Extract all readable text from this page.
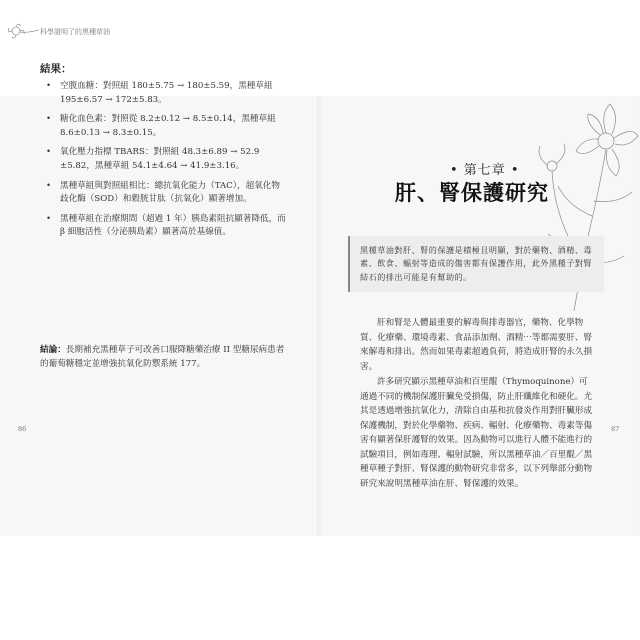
科學證明了的黑種草油
結果：
• 空腹血糖：對照組 180±5.75 → 180±5.59，黑種草組 195±6.57 → 172±5.83。
• 糖化血色素：對照從 8.2±0.12 → 8.5±0.14，黑種草組 8.6±0.13 → 8.3±0.15。
• 氧化壓力指標 TBARS：對照組 48.3±6.89 → 52.9 ±5.82，黑種草組 54.1±4.64 → 41.9±3.16。
• 黑種草組與對照組相比：總抗氧化能力（TAC），超氧化物歧化酶（SOD）和穀胱甘肽（抗氧化）顯著增加。
• 黑種草組在治療期間（超過 1 年）胰島素阻抗顯著降低，而 β 細胞活性（分泌胰島素）顯著高於基線值。
結論：長期補充黑種草子可改善口服降糖藥治療 II 型糖尿病患者的葡萄糖穩定並增強抗氧化防禦系統 177。
86
• 第七章 •
肝、腎保護研究
黑種草油對肝、腎的保護是積極且明顯，對於藥物、酒精、毒素、飲食、輻射等造成的傷害都有保護作用，此外黑種子對腎結石的排出可能是有幫助的。

肝和腎是人體最重要的解毒與排毒器官，藥物、化學物質、化療藥、環境毒素、食品添加劑、酒精⋯等都需要肝、腎來解毒和排出。然而如果毒素超過負荷，將造成肝腎的永久損害。

許多研究顯示黑種草油和百里醌（Thymoquinone）可通過不同的機制保護肝臟免受損傷，防止肝纖維化和硬化。尤其是透過增強抗氧化力，清除自由基和抗發炎作用對肝臟形成保護機制，對於化學藥物、疾病、輻射、化療藥物、毒素等傷害有顯著保肝護腎的效果。因為動物可以進行人體不能進行的試驗項目，例如毒理、輻射試驗，所以黑種草油／百里醌／黑種草種子對肝、腎保護的動物研究非常多，以下列舉部分動物研究來說明黑種草油在肝、腎保護的效果。

87
